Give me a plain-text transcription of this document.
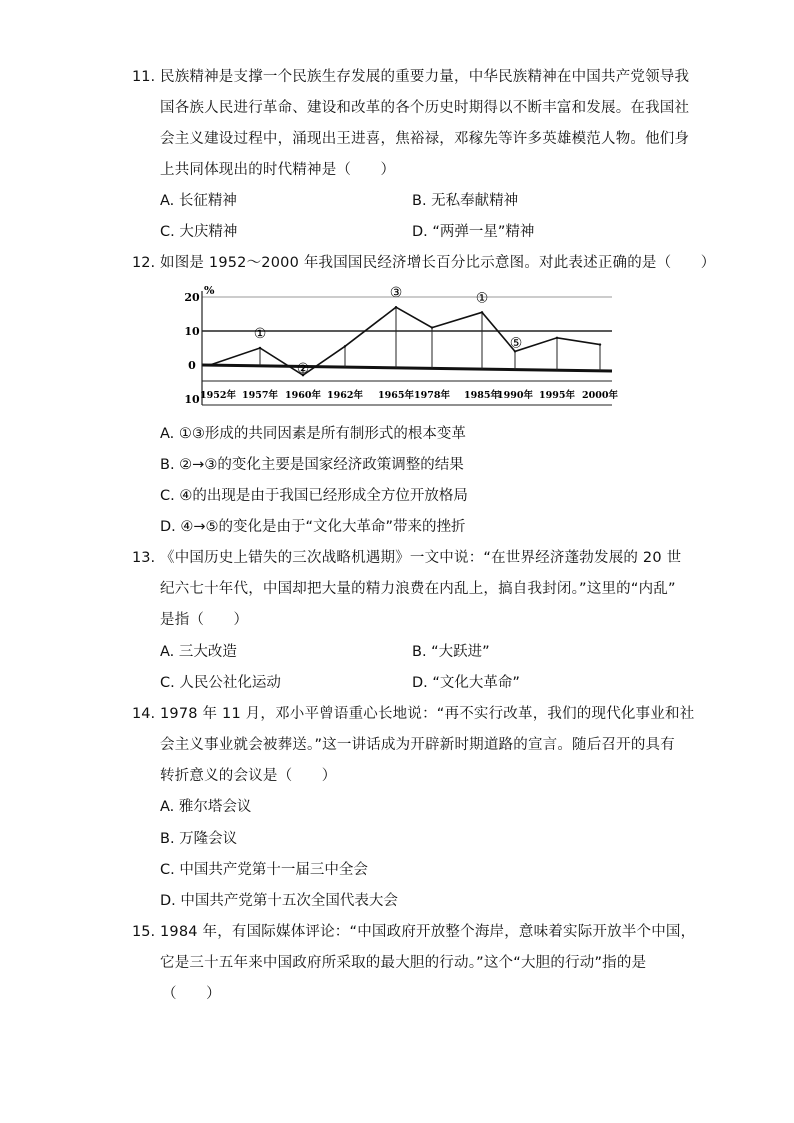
11. 民族精神是支撑一个民族生存发展的重要力量，中华民族精神在中国共产党领导我
国各族人民进行革命、建设和改革的各个历史时期得以不断丰富和发展。在我国社
会主义建设过程中，涌现出王进喜，焦裕禄，邓稼先等许多英雄模范人物。他们身
上共同体现出的时代精神是（　　）
A. 长征精神	B. 无私奉献精神
C. 大庆精神	D. “两弹一星”精神
12. 如图是 1952～2000 年我国国民经济增长百分比示意图。对此表述正确的是（　　）
20
10
0
10
%
1952年 1957年 1960年 1962年 1965年 1978年 1985年
1990年 1995年 2000年
①
②
③	①
⑤
A. ①③形成的共同因素是所有制形式的根本变革
B. ②→③的变化主要是国家经济政策调整的结果
C. ④的出现是由于我国已经形成全方位开放格局
D. ④→⑤的变化是由于“文化大革命”带来的挫折
13. 《中国历史上错失的三次战略机遇期》一文中说：“在世界经济蓬勃发展的 20 世
纪六七十年代，中国却把大量的精力浪费在内乱上，搞自我封闭。”这里的“内乱”
是指（　　）
A. 三大改造	B. “大跃进”
C. 人民公社化运动	D. “文化大革命”
14. 1978 年 11 月，邓小平曾语重心长地说：“再不实行改革，我们的现代化事业和社
会主义事业就会被葬送。”这一讲话成为开辟新时期道路的宣言。随后召开的具有
转折意义的会议是（　　）
A. 雅尔塔会议
B. 万隆会议
C. 中国共产党第十一届三中全会
D. 中国共产党第十五次全国代表大会
15. 1984 年，有国际媒体评论：“中国政府开放整个海岸，意味着实际开放半个中国，
它是三十五年来中国政府所采取的最大胆的行动。”这个“大胆的行动”指的是
（　　）
